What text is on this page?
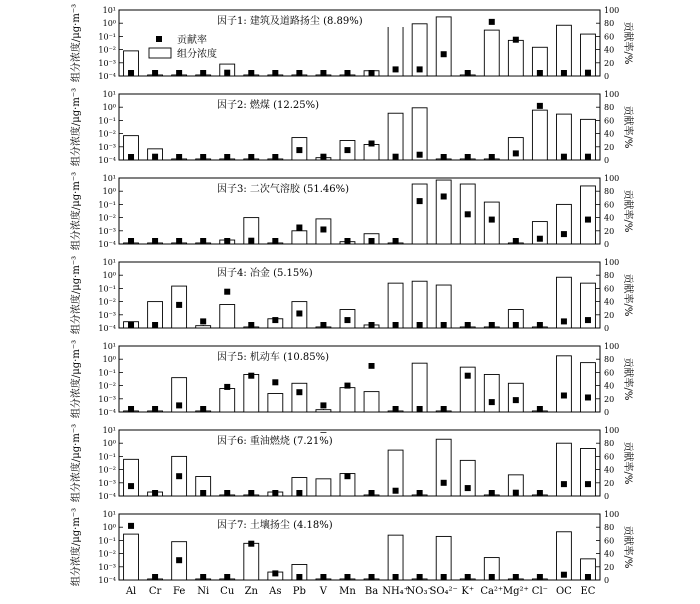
10⁻⁴
10⁻³
10⁻²
10⁻¹
10⁰
10¹
0
20
40
60
80
100
因子1: 建筑及道路扬尘 (8.89%)
组分浓度/μg·m⁻³	贡献率/%
贡献率
组分浓度
10⁻⁴
10⁻³
10⁻²
10⁻¹
10⁰
10¹
0
20
40
60
80
100
因子2: 燃煤 (12.25%)
组分浓度/μg·m⁻³	贡献率/%
10⁻⁴
10⁻³
10⁻²
10⁻¹
10⁰
10¹
0
20
40
60
80
100
因子3: 二次气溶胶 (51.46%)
组分浓度/μg·m⁻³	贡献率/%
10⁻⁴
10⁻³
10⁻²
10⁻¹
10⁰
10¹
0
20
40
60
80
100
因子4: 冶金 (5.15%)
组分浓度/μg·m⁻³	贡献率/%
10⁻⁴
10⁻³
10⁻²
10⁻¹
10⁰
10¹
0
20
40
60
80
100
因子5: 机动车 (10.85%)
组分浓度/μg·m⁻³	贡献率/%
10⁻⁴
10⁻³
10⁻²
10⁻¹
10⁰
10¹
0
20
40
60
80
100
因子6: 重油燃烧 (7.21%)
组分浓度/μg·m⁻³	贡献率/%
10⁻⁴
10⁻³
10⁻²
10⁻¹
10⁰
10¹
0
20
40
60
80
100
因子7: 土壤扬尘 (4.18%)
组分浓度/μg·m⁻³	贡献率/%
Al Cr Fe Ni Cu Zn As Pb V Mn Ba NH₄⁺
NO₃⁻
SO₄²⁻ K⁺ Ca²⁺ Mg²⁺ Cl⁻ OC EC
